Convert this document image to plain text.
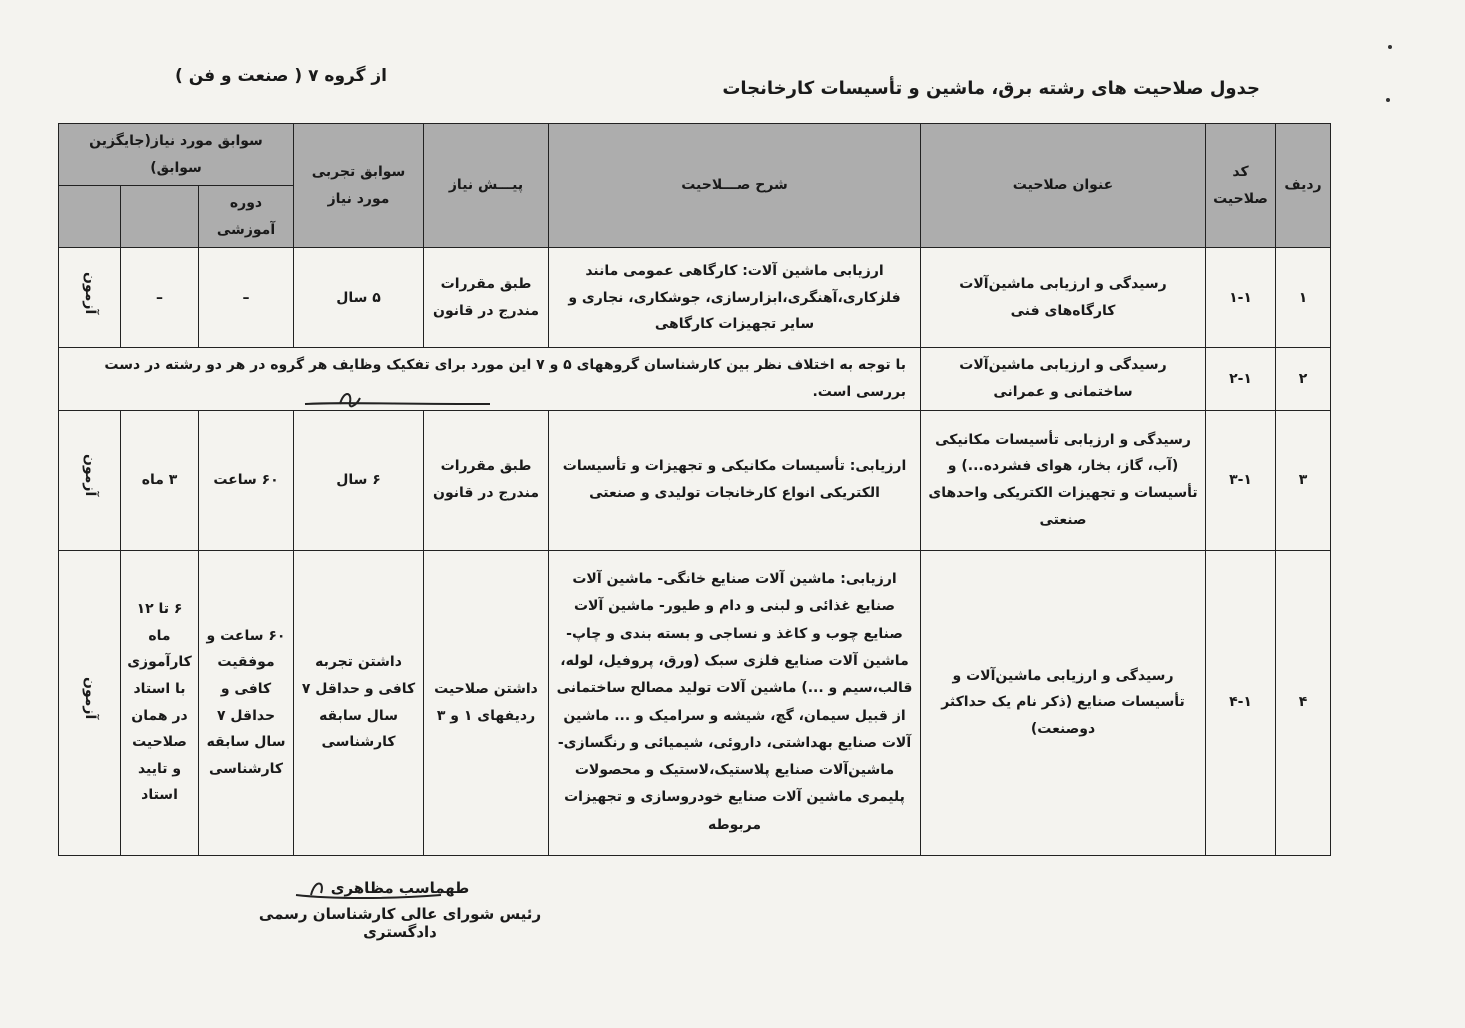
جدول صلاحیت های رشته برق، ماشین و تأسیسات کارخانجات
از گروه ۷ ( صنعت و فن )
ردیف	کد صلاحیت	عنوان صلاحیت	شرح صـــلاحیت	پیـــش نیاز	سوابق تجربی مورد نیاز	سوابق مورد نیاز(جایگزین سوابق)		
						دوره آموزشی		
۱	۱-۱	رسیدگی و ارزیابی ماشین‌آلات کارگاه‌های فنی	ارزیابی ماشین آلات: کارگاهی عمومی مانند فلزکاری،آهنگری،ابزارسازی، جوشکاری، نجاری و سایر تجهیزات کارگاهی	طبق مقررات مندرج در قانون	۵ سال	–	–	آزمون
۲	۲-۱	رسیدگی و ارزیابی ماشین‌آلات ساختمانی و عمرانی	با توجه به اختلاف نظر بین کارشناسان گروههای ۵ و ۷ این مورد برای تفکیک وظایف هر گروه در هر دو رشته در دست بررسی است.					
۳	۳-۱	رسیدگی و ارزیابی تأسیسات مکانیکی (آب، گاز، بخار، هوای فشرده...) و تأسیسات و تجهیزات الکتریکی واحدهای صنعتی	ارزیابی: تأسیسات مکانیکی و تجهیزات و تأسیسات الکتریکی انواع کارخانجات تولیدی و صنعتی	طبق مقررات مندرج در قانون	۶ سال	۶۰ ساعت	۳ ماه	آزمون
۴	۴-۱	رسیدگی و ارزیابی ماشین‌آلات و تأسیسات صنایع (ذکر نام یک حداکثر دوصنعت)	ارزیابی: ماشین آلات صنایع خانگی- ماشین آلات صنایع غذائی و لبنی و دام و طیور- ماشین آلات صنایع چوب و کاغذ و نساجی و بسته بندی و چاپ- ماشین آلات صنایع فلزی سبک (ورق، پروفیل، لوله، قالب،سیم و ...) ماشین آلات تولید مصالح ساختمانی از قبیل سیمان، گچ، شیشه و سرامیک و ... ماشین آلات صنایع بهداشتی، داروئی، شیمیائی و رنگسازی- ماشین‌آلات صنایع پلاستیک،لاستیک و محصولات پلیمری ماشین آلات صنایع خودروسازی و تجهیزات مربوطه	داشتن صلاحیت ردیفهای ۱ و ۳	داشتن تجربه کافی و حداقل ۷ سال سابقه کارشناسی	۶۰ ساعت و موفقیت کافی و حداقل ۷ سال سابقه کارشناسی	۶ تا ۱۲ ماه کارآموزی با استاد در همان صلاحیت و تایید استاد	آزمون
طهماسب مظاهری
رئیس شورای عالی کارشناسان رسمی دادگستری
